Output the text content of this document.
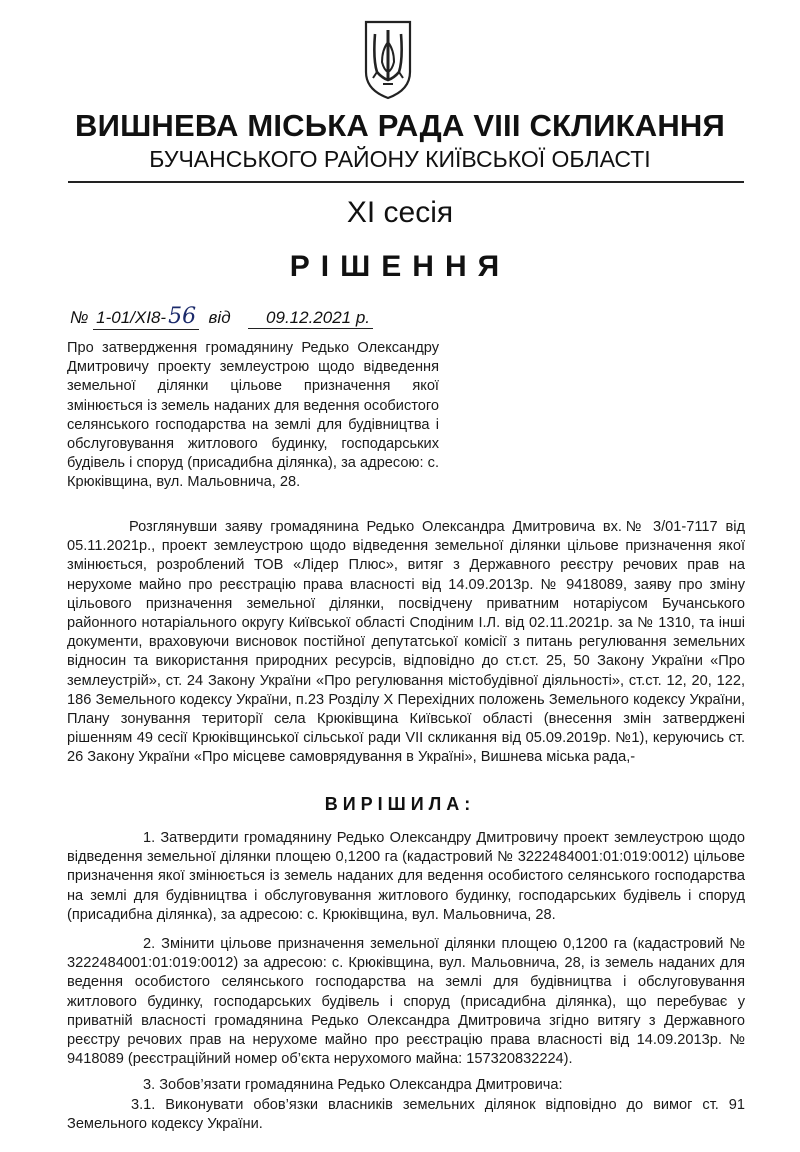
ВИШНЕВА МІСЬКА РАДА VIII СКЛИКАННЯ
БУЧАНСЬКОГО РАЙОНУ КИЇВСЬКОЇ ОБЛАСТІ
XI сесія
РІШЕННЯ
№ 1-01/XI8-56 від 09.12.2021 р.
Про затвердження громадянину Редько Олександру Дмитровичу проекту землеустрою щодо відведення земельної ділянки цільове призначення якої змінюється із земель наданих для ведення особистого селянського господарства на землі для будівництва і обслуговування житлового будинку, господарських будівель і споруд (присадибна ділянка), за адресою: с. Крюківщина, вул. Мальовнича, 28.
Розглянувши заяву громадянина Редько Олександра Дмитровича вх.№ 3/01-7117 від 05.11.2021р., проект землеустрою щодо відведення земельної ділянки цільове призначення якої змінюється, розроблений ТОВ «Лідер Плюс», витяг з Державного реєстру речових прав на нерухоме майно про реєстрацію права власності від 14.09.2013р. № 9418089, заяву про зміну цільового призначення земельної ділянки, посвідчену приватним нотаріусом Бучанського районного нотаріального округу Київської області Сподіним І.Л. від 02.11.2021р. за № 1310, та інші документи, враховуючи висновок постійної депутатської комісії з питань регулювання земельних відносин та використання природних ресурсів, відповідно до ст.ст. 25, 50 Закону України «Про землеустрій», ст. 24 Закону України «Про регулювання містобудівної діяльності», ст.ст. 12, 20, 122, 186 Земельного кодексу України, п.23 Розділу X Перехідних положень Земельного кодексу України, Плану зонування території села Крюківщина Київської області (внесення змін затверджені рішенням 49 сесії Крюківщинської сільської ради VII скликання від 05.09.2019р. №1), керуючись ст. 26 Закону України «Про місцеве самоврядування в Україні», Вишнева міська рада,-
ВИРІШИЛА:
1. Затвердити громадянину Редько Олександру Дмитровичу проект землеустрою щодо відведення земельної ділянки площею 0,1200 га (кадастровий № 3222484001:01:019:0012) цільове призначення якої змінюється із земель наданих для ведення особистого селянського господарства на землі для будівництва і обслуговування житлового будинку, господарських будівель і споруд (присадибна ділянка), за адресою: с. Крюківщина, вул. Мальовнича, 28.
2. Змінити цільове призначення земельної ділянки площею 0,1200 га (кадастровий № 3222484001:01:019:0012) за адресою: с. Крюківщина, вул. Мальовнича, 28, із земель наданих для ведення особистого селянського господарства на землі для будівництва і обслуговування житлового будинку, господарських будівель і споруд (присадибна ділянка), що перебуває у приватній власності громадянина Редько Олександра Дмитровича згідно витягу з Державного реєстру речових прав на нерухоме майно про реєстрацію права власності від 14.09.2013р. № 9418089 (реєстраційний номер об’єкта нерухомого майна: 157320832224).
3. Зобов’язати громадянина Редько Олександра Дмитровича:
3.1. Виконувати обов’язки власників земельних ділянок відповідно до вимог ст. 91 Земельного кодексу України.
